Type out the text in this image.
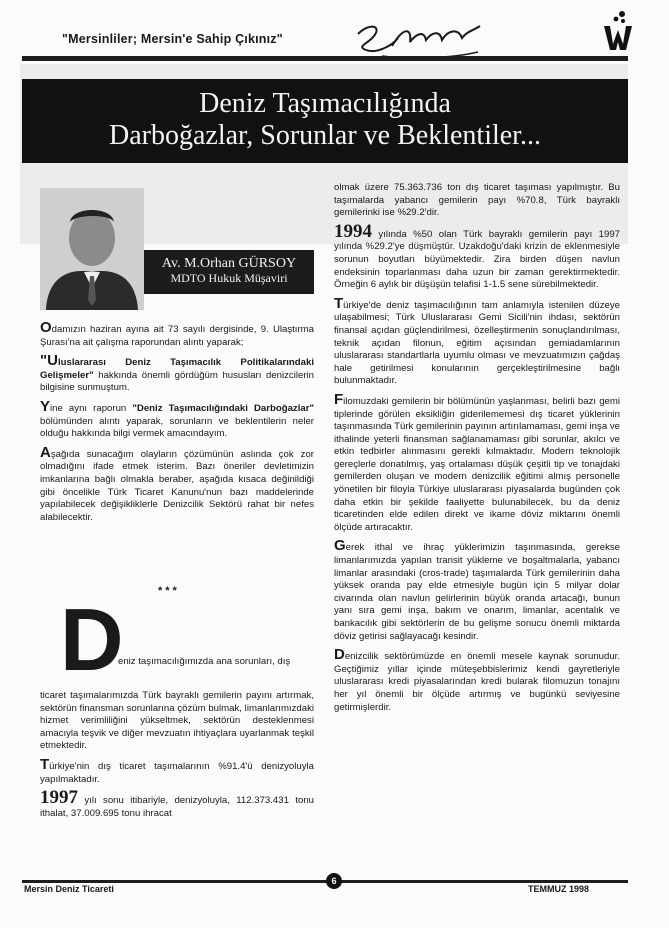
"Mersinliler; Mersin'e Sahip Çıkınız"
Deniz Taşımacılığında
Darboğazlar, Sorunlar ve Beklentiler...
Av. M.Orhan GÜRSOY
MDTO Hukuk Müşaviri

Odamızın haziran ayına ait 73 sayılı dergisinde, 9. Ulaştırma Şurası'na ait çalışma raporundan alıntı yaparak;

"Uluslararası Deniz Taşımacılık Politikalarındaki Gelişmeler" hakkında önemli gördüğüm hususları denizcilerin bilgisine sunmuştum.

Yine aynı raporun "Deniz Taşımacılığındaki Darboğazlar" bölümünden alıntı yaparak, sorunların ve beklentilerin neler olduğu hakkında bilgi vermek amacındayım.

Aşağıda sunacağım olayların çözümünün aslında çok zor olmadığını ifade etmek isterim. Bazı öneriler devletimizin imkanlarına bağlı olmakla beraber, aşağıda kısaca değinildiği gibi öncelikle Türk Ticaret Kanunu'nun bazı maddelerinde yapılabilecek değişikliklerle Denizcilik Sektörü rahat bir nefes alabilecektir.

***
D
eniz taşımacılığımızda ana sorunları, dış

ticaret taşımalarımızda Türk bayraklı gemilerin payını artırmak, sektörün finansman sorunlarına çözüm bulmak, limanlarımızdaki hizmet verimliliğini yükseltmek, sektörün desteklenmesi amacıyla teşvik ve diğer mevzuatın ihtiyaçlara uyarlanmak teşkil etmektedir.

Türkiye'nin dış ticaret taşımalarının %91.4'ü denizyoluyla yapılmaktadır.

1997 yılı sonu itibariyle, denizyoluyla, 112.373.431 tonu ithalat, 37.009.695 tonu ihracat

olmak üzere 75.363.736 ton dış ticaret taşıması yapılmıştır. Bu taşımalarda yabancı gemilerin payı %70.8, Türk bayraklı gemilerinki ise %29.2'dir.

1994 yılında %50 olan Türk bayraklı gemilerin payı 1997 yılında %29.2'ye düşmüştür. Uzakdoğu'daki krizin de eklenmesiyle sorunun boyutları büyümektedir. Zira birden düşen navlun endeksinin toparlanması daha uzun bir zaman gerektirmektedir. Örneğin 6 aylık bir düşüşün telafisi 1-1.5 sene sürebilmektedir.

Türkiye'de deniz taşımacılığının tam anlamıyla istenilen düzeye ulaşabilmesi; Türk Uluslararası Gemi Sicili'nin ihdası, sektörün finansal açıdan güçlendirilmesi, özelleştirmenin sonuçlandırılması, teknik açıdan filonun, eğitim açısından gemiadamlarının uluslararası standartlarla uyumlu olması ve mevzuatımızın çağdaş hale getirilmesi konularının gerçekleştirilmesine bağlı bulunmaktadır.

Filomuzdaki gemilerin bir bölümünün yaşlanması, belirli bazı gemi tiplerinde görülen eksikliğin giderilememesi dış ticaret yüklerinin taşınmasında Türk gemilerinin payının artırılamaması, gemi inşa ve ithalinde yeterli finansman sağlanamaması gibi sorunlar, akılcı ve etkin tedbirler alınmasını gerekli kılmaktadır. Modern teknolojik gereçlerle donatılmış, yaş ortalaması düşük çeşitli tip ve tonajdaki gemilerden oluşan ve modern denizcilik eğitimi almış personelle yönetilen bir filoyla Türkiye uluslararası piyasalarda bugünden çok daha etkin bir şekilde faaliyette bulunabilecek, bu da deniz ticaretinden elde edilen direkt ve ikame döviz miktarını önemli ölçüde artıracaktır.

Gerek ithal ve ihraç yüklerimizin taşınmasında, gerekse limanlarımızda yapılan transit yükleme ve boşaltmalarla, yabancı limanlar arasındaki (cros-trade) taşımalarda Türk gemilerinin daha yüksek oranda pay elde etmesiyle bugün için 5 milyar dolar civarında olan navlun gelirlerinin büyük oranda artacağı, bunun yanı sıra gemi inşa, bakım ve onarım, limanlar, acentalık ve bankacılık gibi sektörlerin de bu gelişme sonucu önemli miktarda döviz getirisi sağlayacağı kesindir.

Denizcilik sektörümüzde en önemli mesele kaynak sorunudur. Geçtiğimiz yıllar içinde müteşebbislerimiz kendi gayretleriyle uluslararası kredi piyasalarından kredi bularak filomuzun tonajını her yıl önemli bir ölçüde artırmış ve bugünkü seviyesine getirmişlerdir.

Mersin Deniz Ticareti
6
TEMMUZ 1998
